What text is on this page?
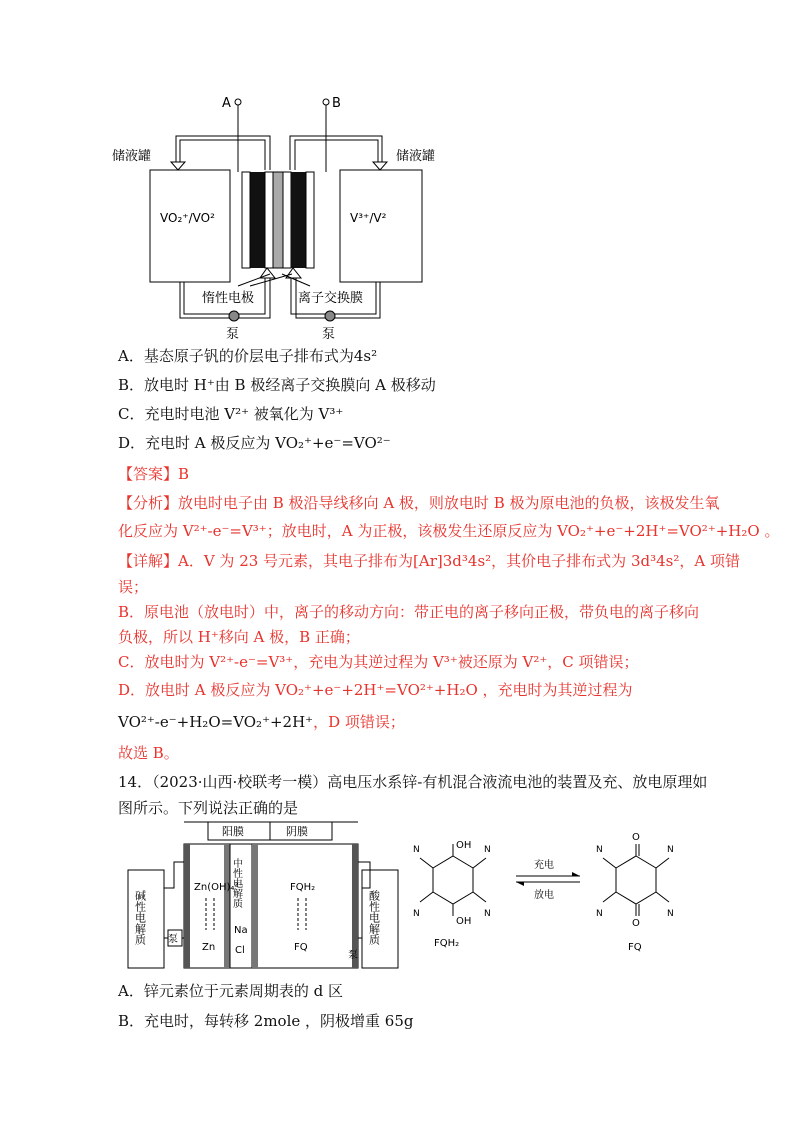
A	B
储液罐	储液罐
VO₂⁺/VO²	V³⁺/V²
泵	泵
惰性电极	离子交换膜
A．基态原子钒的价层电子排布式为4s²
B．放电时 H⁺由 B 极经离子交换膜向 A 极移动
C．充电时电池 V²⁺ 被氧化为 V³⁺
D．充电时 A 极反应为 VO₂⁺+e⁻=VO²⁻
【答案】B
【分析】放电时电子由 B 极沿导线移向 A 极，则放电时 B 极为原电池的负极，该极发生氧
化反应为 V²⁺-e⁻=V³⁺；放电时，A 为正极，该极发生还原反应为 VO₂⁺+e⁻+2H⁺=VO²⁺+H₂O 。
【详解】A．V 为 23 号元素，其电子排布为[Ar]3d³4s²，其价电子排布式为 3d³4s²，A 项错
误；
B．原电池（放电时）中，离子的移动方向：带正电的离子移向正极，带负电的离子移向
负极，所以 H⁺移向 A 极，B 正确；
C．放电时为 V²⁺-e⁻=V³⁺，充电为其逆过程为 V³⁺被还原为 V²⁺，C 项错误；
D．放电时 A 极反应为 VO₂⁺+e⁻+2H⁺=VO²⁺+H₂O ，充电时为其逆过程为
VO²⁺-e⁻+H₂O=VO₂⁺+2H⁺，D 项错误；
故选 B。
14．（2023·山西·校联考一模）高电压水系锌-有机混合液流电池的装置及充、放电原理如
图所示。下列说法正确的是
阳膜	阴膜
碱性电解质	酸性电解质
泵
泵
中性电解质
Na
Cl
Zn(OH)₄²⁻
Zn
FQH₂
FQ
OH
OH
N	N
N	N
FQH₂
充电
放电
O
O
N	N
N	N
FQ
A．锌元素位于元素周期表的 d 区
B．充电时，每转移 2mole ，阴极增重 65g
